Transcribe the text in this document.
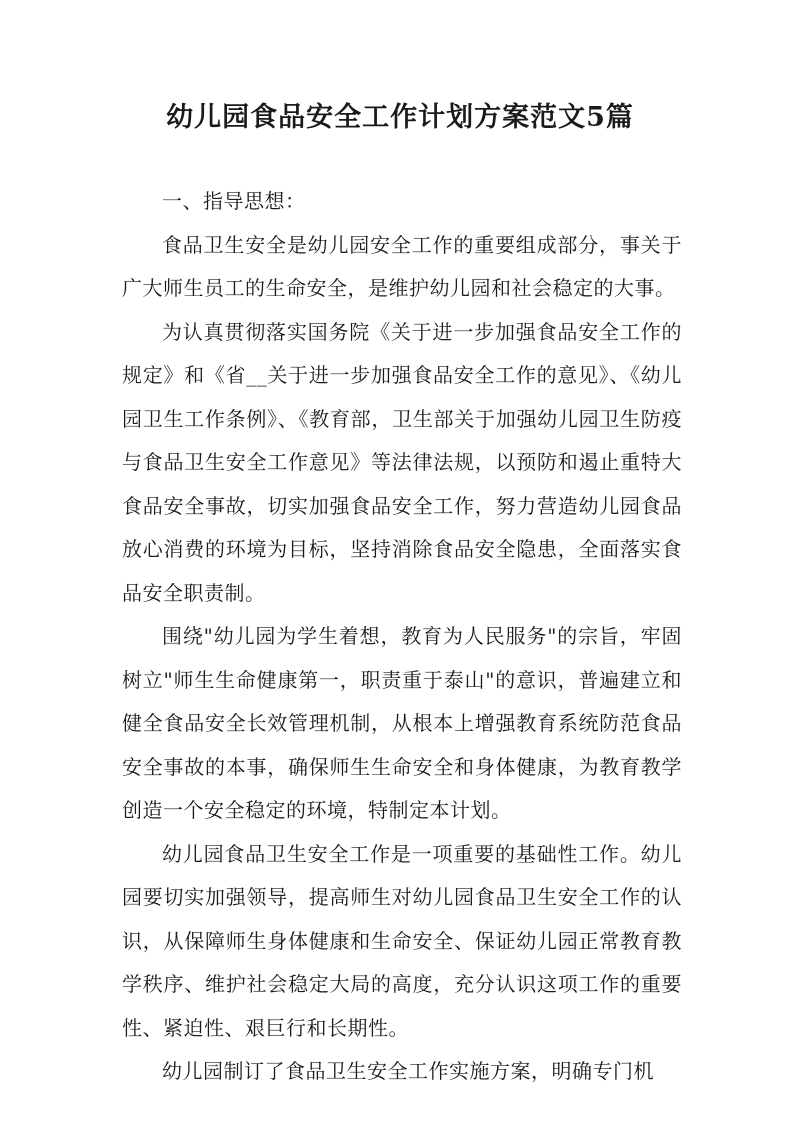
幼儿园食品安全工作计划方案范文5篇

一、指导思想：

食品卫生安全是幼儿园安全工作的重要组成部分，事关于广大师生员工的生命安全，是维护幼儿园和社会稳定的大事。

为认真贯彻落实国务院《关于进一步加强食品安全工作的规定》和《省__关于进一步加强食品安全工作的意见》、《幼儿园卫生工作条例》、《教育部，卫生部关于加强幼儿园卫生防疫与食品卫生安全工作意见》等法律法规，以预防和遏止重特大食品安全事故，切实加强食品安全工作，努力营造幼儿园食品放心消费的环境为目标，坚持消除食品安全隐患，全面落实食品安全职责制。

围绕"幼儿园为学生着想，教育为人民服务"的宗旨，牢固树立"师生生命健康第一，职责重于泰山"的意识，普遍建立和健全食品安全长效管理机制，从根本上增强教育系统防范食品安全事故的本事，确保师生生命安全和身体健康，为教育教学创造一个安全稳定的环境，特制定本计划。

幼儿园食品卫生安全工作是一项重要的基础性工作。幼儿园要切实加强领导，提高师生对幼儿园食品卫生安全工作的认识，从保障师生身体健康和生命安全、保证幼儿园正常教育教学秩序、维护社会稳定大局的高度，充分认识这项工作的重要性、紧迫性、艰巨行和长期性。

幼儿园制订了食品卫生安全工作实施方案，明确专门机
